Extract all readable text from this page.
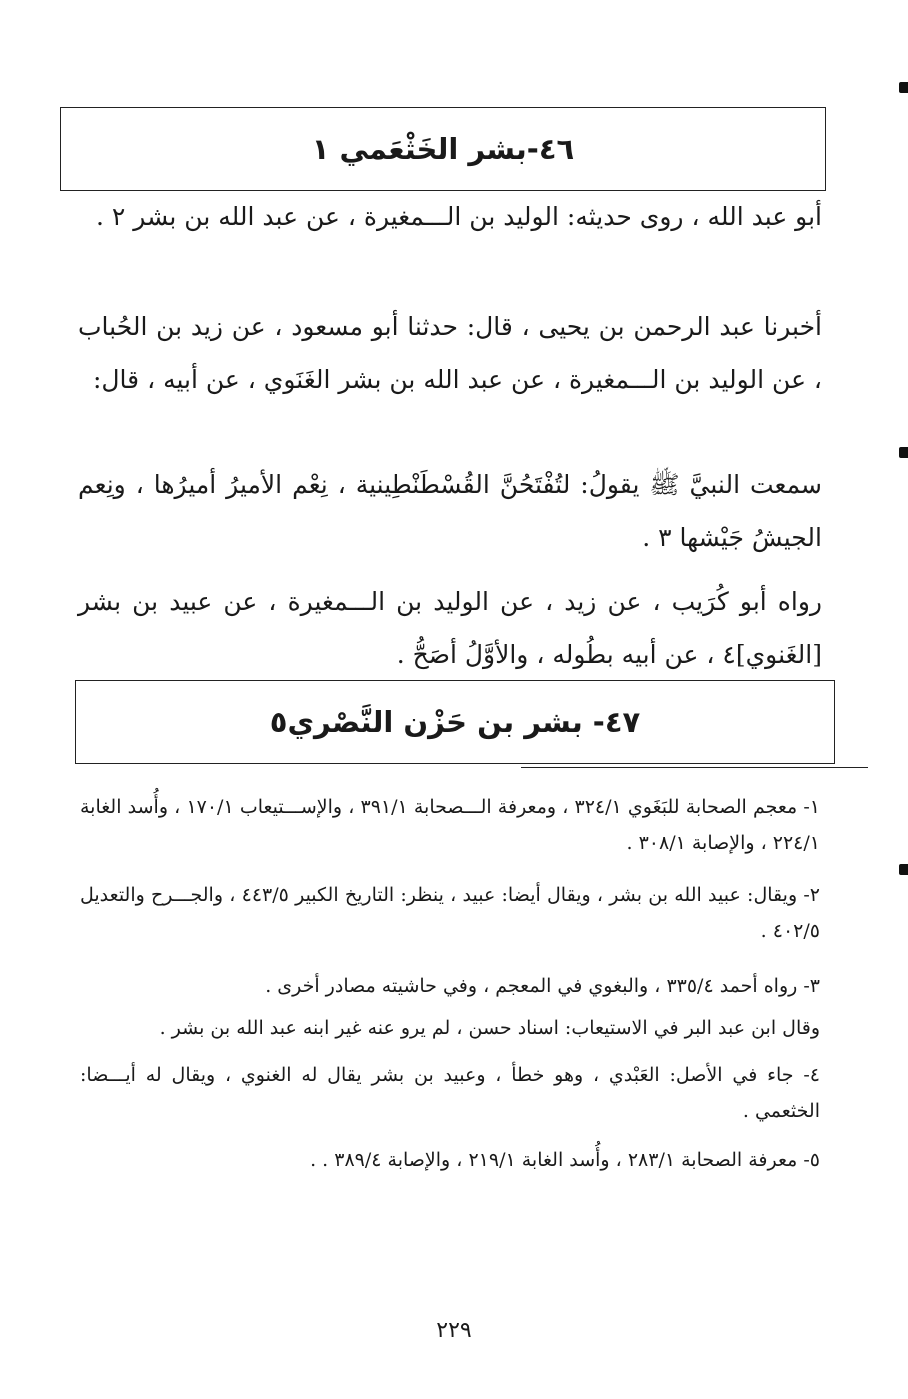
٤٦-بشر الخَثْعَمي ١
أبو عبد الله ، روى حديثه: الوليد بن الـــمغيرة ، عن عبد الله بن بشر ٢ .
أخبرنا عبد الرحمن بن يحيى ، قال: حدثنا أبو مسعود ، عن زيد بن الحُباب ، عن الوليد بن الـــمغيرة ، عن عبد الله بن بشر الغَنَوي ، عن أبيه ، قال:
سمعت النبيَّ ﷺ يقولُ: لتُفْتَحُنَّ القُسْطَنْطِينية ، نِعْم الأميرُ أميرُها ، ونِعم الجيشُ جَيْشها ٣ .
رواه أبو كُرَيب ، عن زيد ، عن الوليد بن الـــمغيرة ، عن عبيد بن بشر [الغَنوي]٤ ، عن أبيه بطُوله ، والأوَّلُ أصَحُّ .
٤٧- بشر بن حَزْن النَّصْري٥
١- معجم الصحابة للبَغَوي ٣٢٤/١ ، ومعرفة الـــصحابة ٣٩١/١ ، والإســـتيعاب ١٧٠/١ ، وأُسد الغابة ٢٢٤/١ ، والإصابة ٣٠٨/١ .
٢- ويقال: عبيد الله بن بشر ، ويقال أيضا: عبيد ، ينظر: التاريخ الكبير ٤٤٣/٥ ، والجـــرح والتعديل ٤٠٢/٥ .
٣- رواه أحمد ٣٣٥/٤ ، والبغوي في المعجم ، وفي حاشيته مصادر أخرى .
وقال ابن عبد البر في الاستيعاب: اسناد حسن ، لم يرو عنه غير ابنه عبد الله بن بشر .
٤- جاء في الأصل: العَبْدي ، وهو خطأ ، وعبيد بن بشر يقال له الغنوي ، ويقال له أيـــضا: الخثعمي .
٥- معرفة الصحابة ٢٨٣/١ ، وأُسد الغابة ٢١٩/١ ، والإصابة ٣٨٩/٤ . .
٢٢٩
